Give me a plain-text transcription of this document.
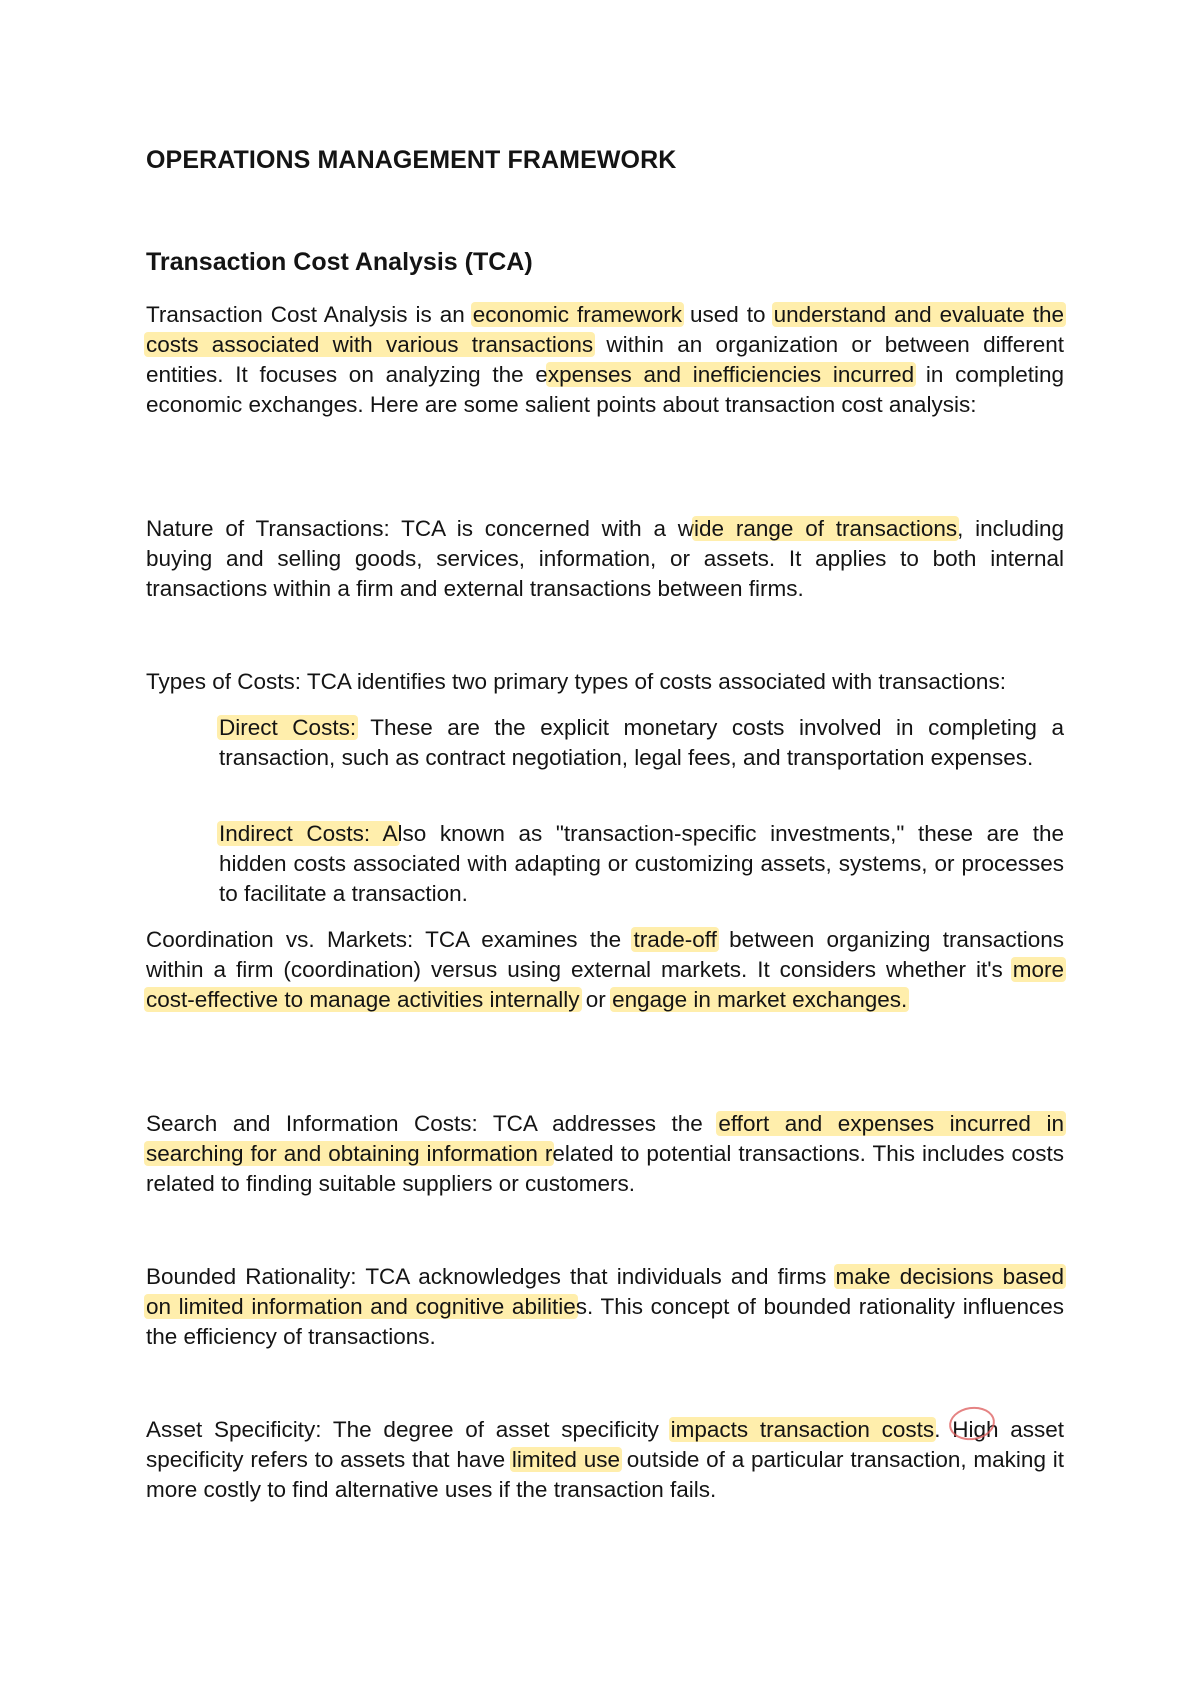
OPERATIONS MANAGEMENT FRAMEWORK
Transaction Cost Analysis (TCA)

Transaction Cost Analysis is an economic framework used to understand and evaluate the costs associated with various transactions within an organization or between different entities. It focuses on analyzing the expenses and inefficiencies incurred in completing economic exchanges. Here are some salient points about transaction cost analysis:

Nature of Transactions: TCA is concerned with a wide range of transactions, including buying and selling goods, services, information, or assets. It applies to both internal transactions within a firm and external transactions between firms.

Types of Costs: TCA identifies two primary types of costs associated with transactions:

Direct Costs: These are the explicit monetary costs involved in completing a transaction, such as contract negotiation, legal fees, and transportation expenses.

Indirect Costs: Also known as "transaction-specific investments," these are the hidden costs associated with adapting or customizing assets, systems, or processes to facilitate a transaction.

Coordination vs. Markets: TCA examines the trade-off between organizing transactions within a firm (coordination) versus using external markets. It considers whether it's more cost-effective to manage activities internally or engage in market exchanges.

Search and Information Costs: TCA addresses the effort and expenses incurred in searching for and obtaining information related to potential transactions. This includes costs related to finding suitable suppliers or customers.

Bounded Rationality: TCA acknowledges that individuals and firms make decisions based on limited information and cognitive abilities. This concept of bounded rationality influences the efficiency of transactions.

Asset Specificity: The degree of asset specificity impacts transaction costs. High asset specificity refers to assets that have limited use outside of a particular transaction, making it more costly to find alternative uses if the transaction fails.
